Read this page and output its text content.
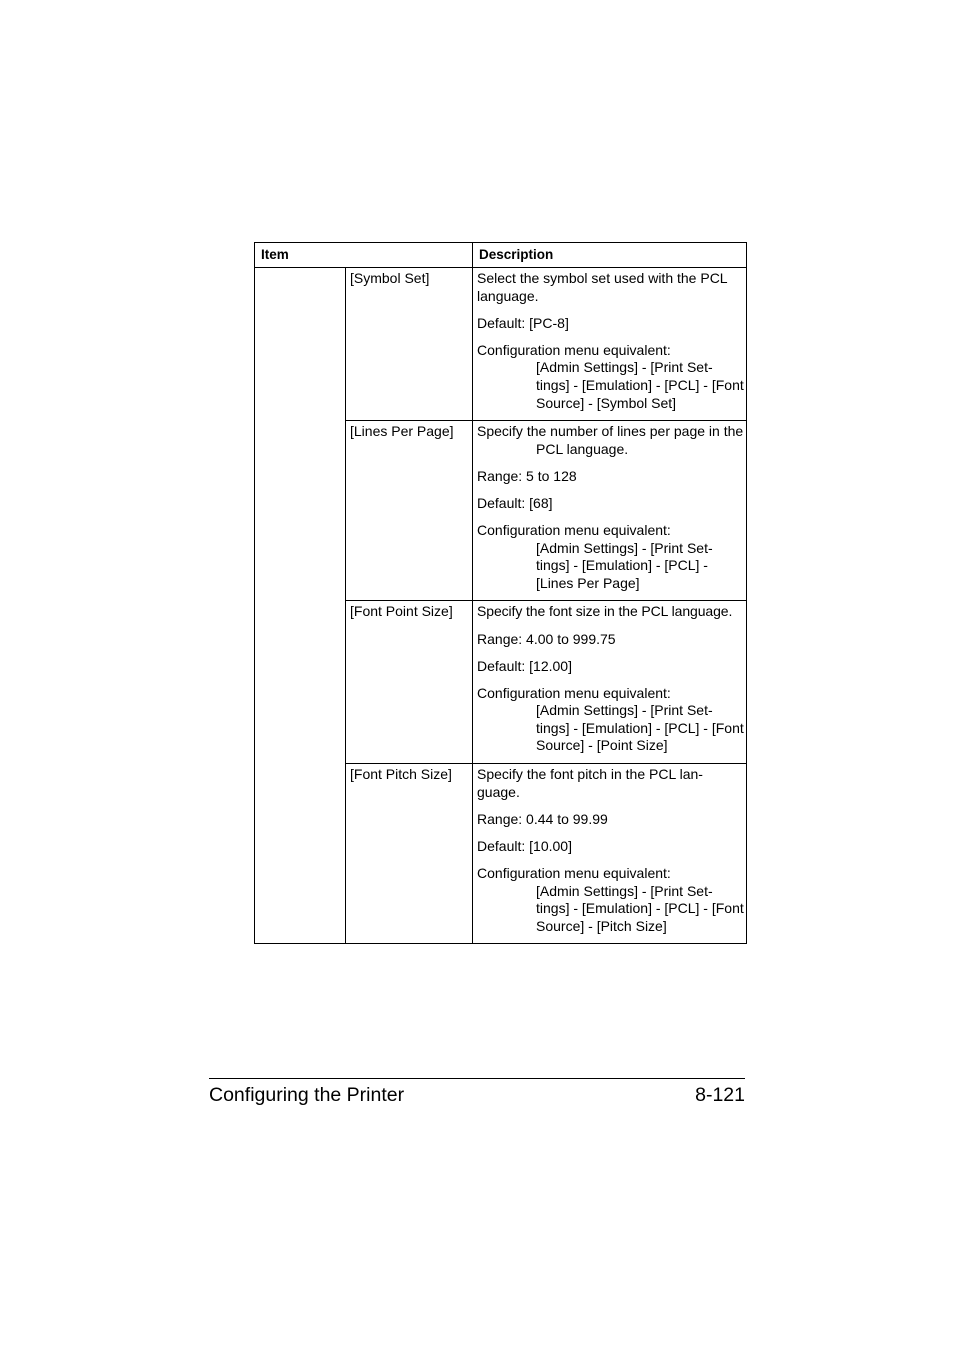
Item		Description
	[Symbol Set]	Select the symbol set used with the PCL language.
Default: [PC-8]
Configuration menu equivalent:
[Admin Settings] - [Print Set-tings] - [Emulation] - [PCL] - [Font Source] - [Symbol Set]

	[Lines Per Page]	Specify the number of lines per page in the PCL language.
Range: 5 to 128
Default: [68]
Configuration menu equivalent:
[Admin Settings] - [Print Set-tings] - [Emulation] - [PCL] - [Lines Per Page]

	[Font Point Size]	Specify the font size in the PCL language.
Range: 4.00 to 999.75
Default: [12.00]
Configuration menu equivalent:
[Admin Settings] - [Print Set-tings] - [Emulation] - [PCL] - [Font Source] - [Point Size]

	[Font Pitch Size]	Specify the font pitch in the PCL lan-guage.
Range: 0.44 to 99.99
Default: [10.00]
Configuration menu equivalent:
[Admin Settings] - [Print Set-tings] - [Emulation] - [PCL] - [Font Source] - [Pitch Size]
Configuring the Printer	8-121
